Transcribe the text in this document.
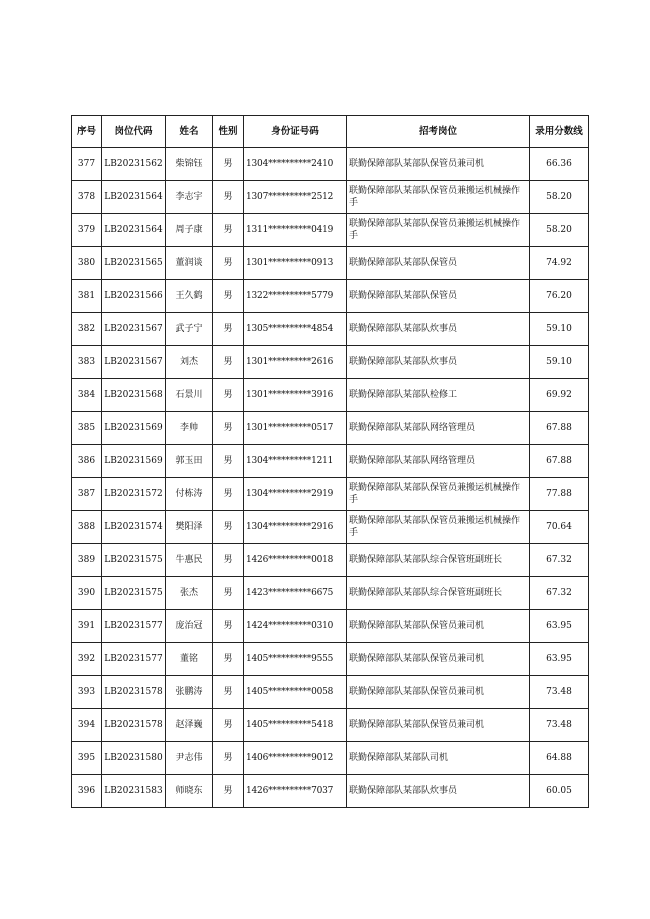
序号	岗位代码	姓名	性别	身份证号码	招考岗位	录用分数线
377	LB20231562	柴锦钰	男	1304**********2410	联勤保障部队某部队保管员兼司机	66.36
378	LB20231564	李志宇	男	1307**********2512	联勤保障部队某部队保管员兼搬运机械操作手	58.20
379	LB20231564	周子康	男	1311**********0419	联勤保障部队某部队保管员兼搬运机械操作手	58.20
380	LB20231565	董润谈	男	1301**********0913	联勤保障部队某部队保管员	74.92
381	LB20231566	王久鹤	男	1322**********5779	联勤保障部队某部队保管员	76.20
382	LB20231567	武子宁	男	1305**********4854	联勤保障部队某部队炊事员	59.10
383	LB20231567	刘杰	男	1301**********2616	联勤保障部队某部队炊事员	59.10
384	LB20231568	石景川	男	1301**********3916	联勤保障部队某部队检修工	69.92
385	LB20231569	李帅	男	1301**********0517	联勤保障部队某部队网络管理员	67.88
386	LB20231569	郭玉田	男	1304**********1211	联勤保障部队某部队网络管理员	67.88
387	LB20231572	付栋涛	男	1304**********2919	联勤保障部队某部队保管员兼搬运机械操作手	77.88
388	LB20231574	樊阳泽	男	1304**********2916	联勤保障部队某部队保管员兼搬运机械操作手	70.64
389	LB20231575	牛惠民	男	1426**********0018	联勤保障部队某部队综合保管班副班长	67.32
390	LB20231575	张杰	男	1423**********6675	联勤保障部队某部队综合保管班副班长	67.32
391	LB20231577	庞治冠	男	1424**********0310	联勤保障部队某部队保管员兼司机	63.95
392	LB20231577	董铭	男	1405**********9555	联勤保障部队某部队保管员兼司机	63.95
393	LB20231578	张鹏涛	男	1405**********0058	联勤保障部队某部队保管员兼司机	73.48
394	LB20231578	赵泽巍	男	1405**********5418	联勤保障部队某部队保管员兼司机	73.48
395	LB20231580	尹志伟	男	1406**********9012	联勤保障部队某部队司机	64.88
396	LB20231583	师晓东	男	1426**********7037	联勤保障部队某部队炊事员	60.05
